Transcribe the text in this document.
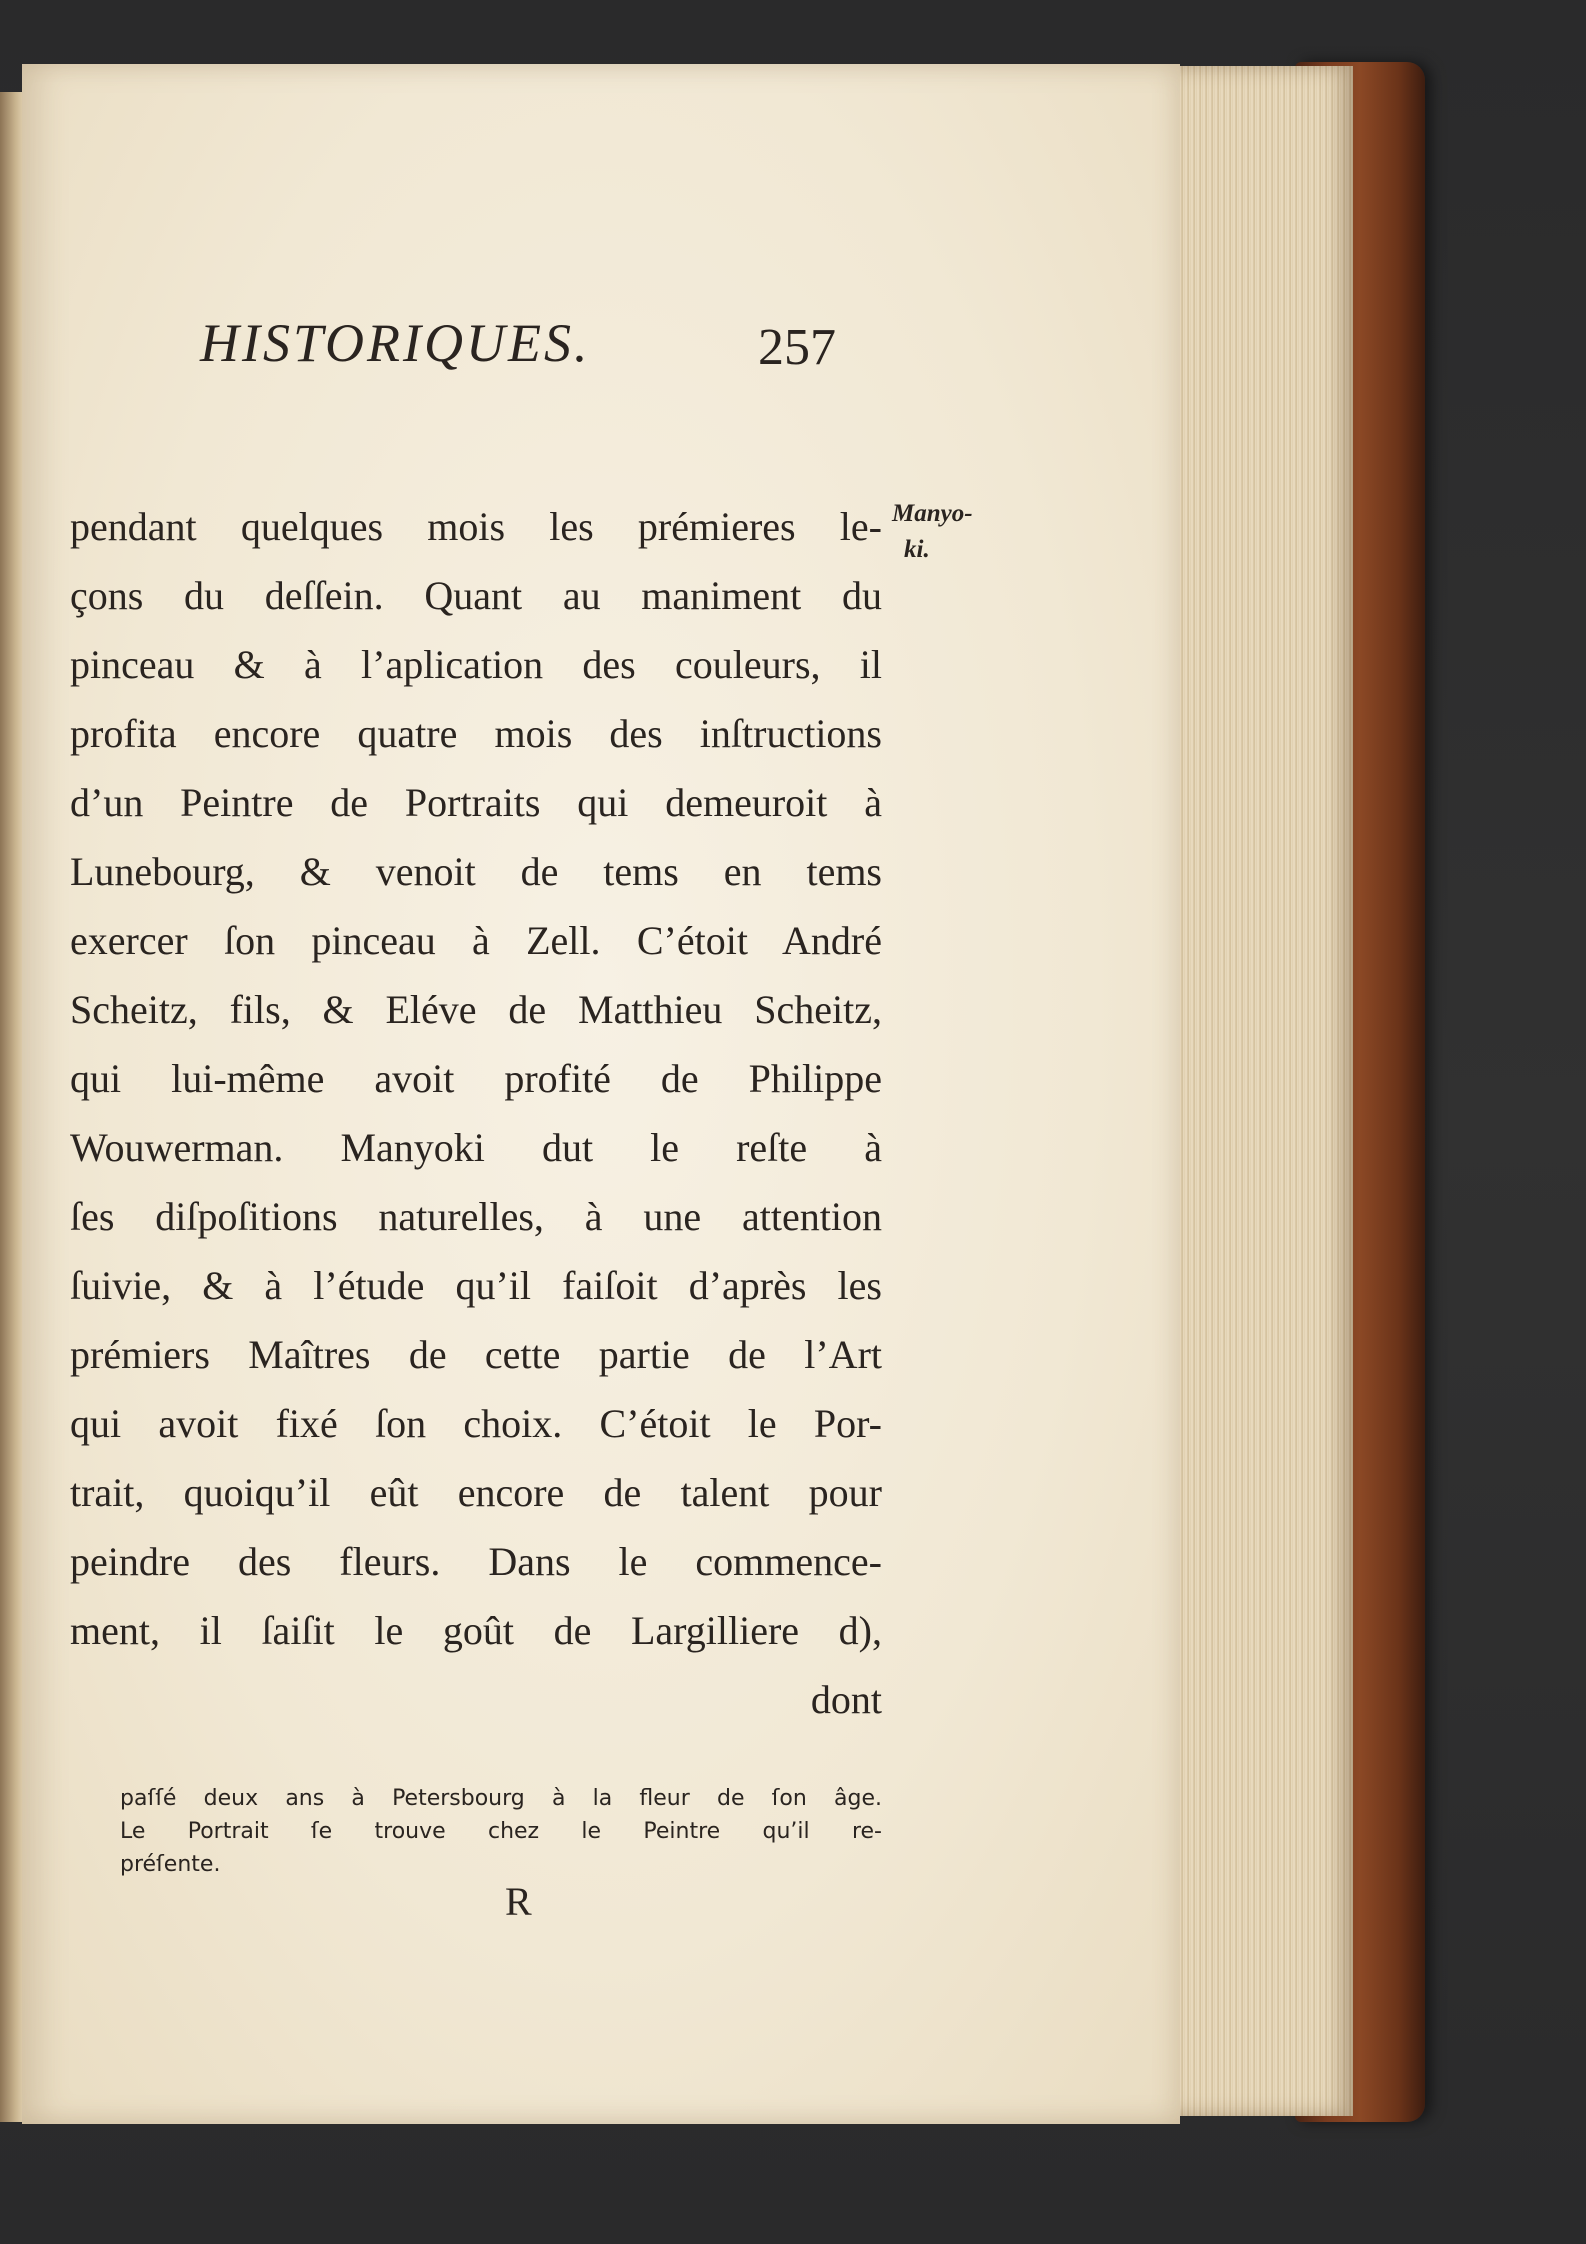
HISTORIQUES.	257
Manyo-
ki.
pendant quelques mois les prémieres le-
çons du deſſein. Quant au maniment du
pinceau & à l’aplication des couleurs, il
profita encore quatre mois des inſtructions
d’un Peintre de Portraits qui demeuroit à
Lunebourg, & venoit de tems en tems
exercer ſon pinceau à Zell. C’étoit André
Scheitz, fils, & Eléve de Matthieu Scheitz,
qui lui-même avoit profité de Philippe
Wouwerman. Manyoki dut le reſte à
ſes diſpoſitions naturelles, à une attention
ſuivie, & à l’étude qu’il faiſoit d’après les
prémiers Maîtres de cette partie de l’Art
qui avoit fixé ſon choix. C’étoit le Por-
trait, quoiqu’il eût encore de talent pour
peindre des fleurs. Dans le commence-
ment, il ſaiſit le goût de Largilliere d),
dont
paſſé deux ans à Petersbourg à la fleur de ſon âge.
Le Portrait ſe trouve chez le Peintre qu’il re-
préſente.
R
